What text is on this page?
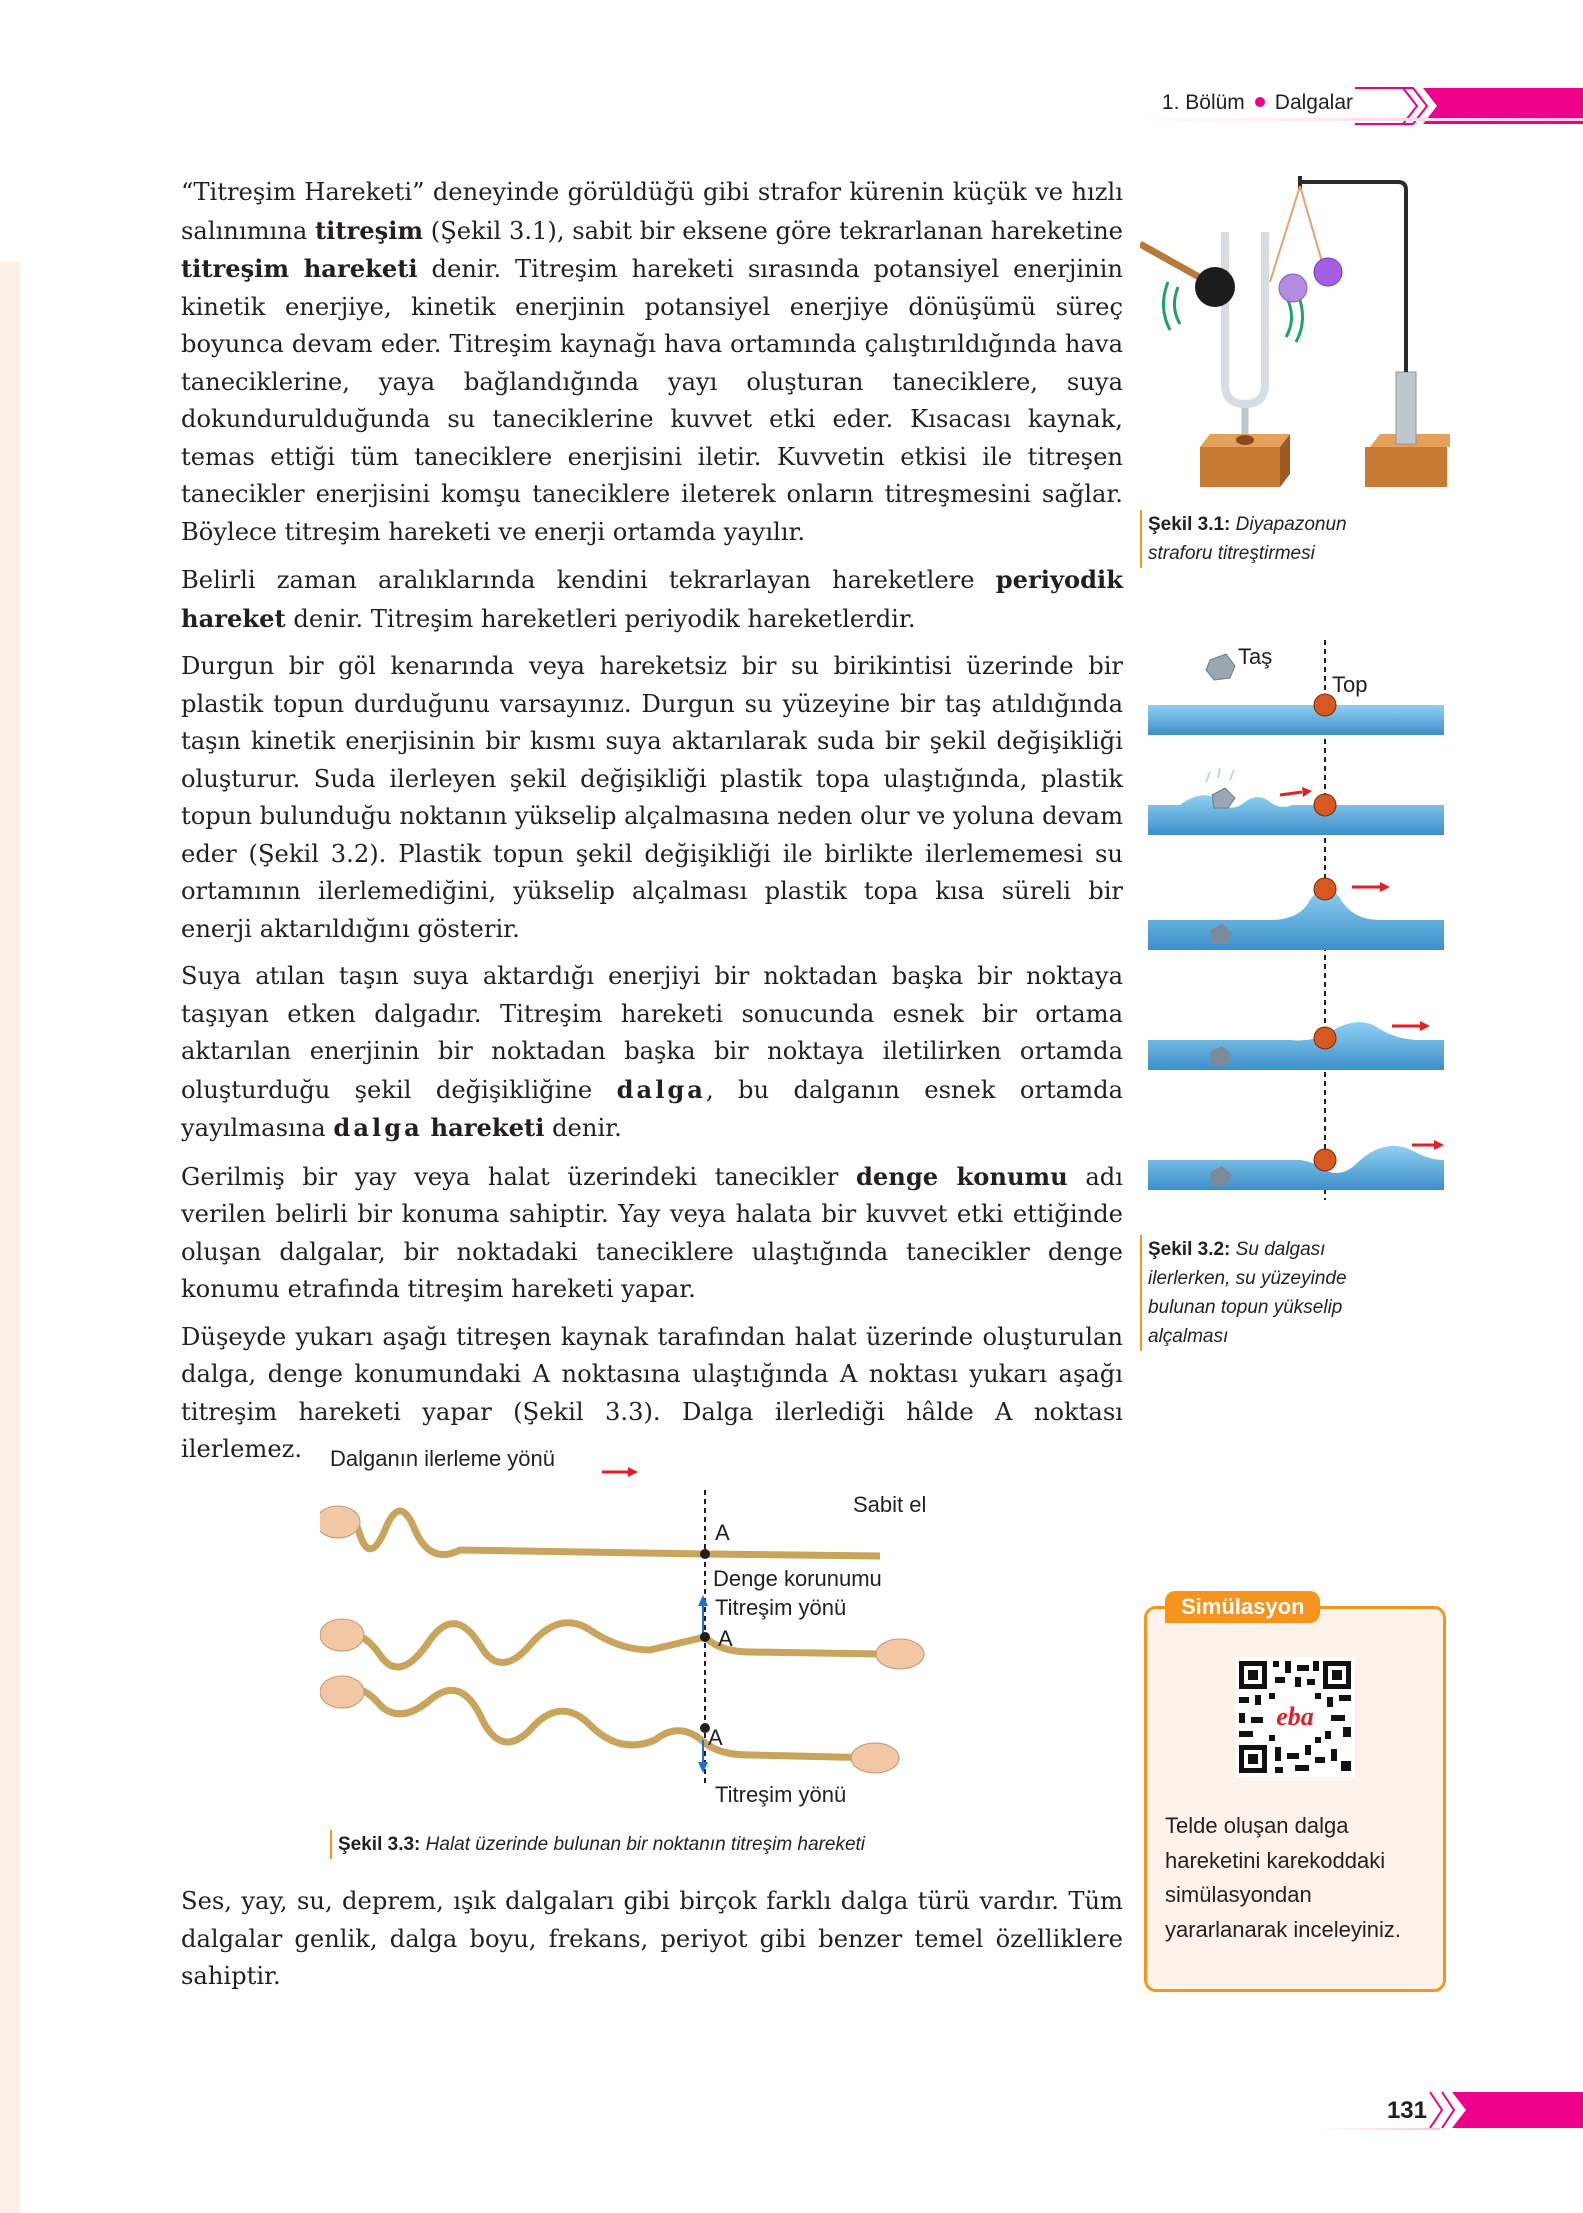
1. Bölüm Dalgalar

“Titreşim Hareketi” deneyinde görüldüğü gibi strafor kürenin küçük ve hızlı salınımına titreşim (Şekil 3.1), sabit bir eksene göre tekrarlanan hareketine titreşim hareketi denir. Titreşim hareketi sırasında potansiyel enerjinin kinetik enerjiye, kinetik enerjinin potansiyel enerjiye dönüşümü süreç boyunca devam eder. Titreşim kaynağı hava ortamında çalıştırıldığında hava taneciklerine, yaya bağlandığında yayı oluşturan taneciklere, suya dokundurulduğunda su taneciklerine kuvvet etki eder. Kısacası kaynak, temas ettiği tüm taneciklere enerjisini iletir. Kuvvetin etkisi ile titreşen tanecikler enerjisini komşu taneciklere ileterek onların titreşmesini sağlar. Böylece titreşim hareketi ve enerji ortamda yayılır.

Belirli zaman aralıklarında kendini tekrarlayan hareketlere periyodik hareket denir. Titreşim hareketleri periyodik hareketlerdir.

Durgun bir göl kenarında veya hareketsiz bir su birikintisi üzerinde bir plastik topun durduğunu varsayınız. Durgun su yüzeyine bir taş atıldığında taşın kinetik enerjisinin bir kısmı suya aktarılarak suda bir şekil değişikliği oluşturur. Suda ilerleyen şekil değişikliği plastik topa ulaştığında, plastik topun bulunduğu noktanın yükselip alçalmasına neden olur ve yoluna devam eder (Şekil 3.2). Plastik topun şekil değişikliği ile birlikte ilerlememesi su ortamının ilerlemediğini, yükselip alçalması plastik topa kısa süreli bir enerji aktarıldığını gösterir.

Suya atılan taşın suya aktardığı enerjiyi bir noktadan başka bir noktaya taşıyan etken dalgadır. Titreşim hareketi sonucunda esnek bir ortama aktarılan enerjinin bir noktadan başka bir noktaya iletilirken ortamda oluşturduğu şekil değişikliğine dalga, bu dalganın esnek ortamda yayılmasına dalga hareketi denir.

Gerilmiş bir yay veya halat üzerindeki tanecikler denge konumu adı verilen belirli bir konuma sahiptir. Yay veya halata bir kuvvet etki ettiğinde oluşan dalgalar, bir noktadaki taneciklere ulaştığında tanecikler denge konumu etrafında titreşim hareketi yapar.

Düşeyde yukarı aşağı titreşen kaynak tarafından halat üzerinde oluşturulan dalga, denge konumundaki A noktasına ulaştığında A noktası yukarı aşağı titreşim hareketi yapar (Şekil 3.3). Dalga ilerlediği hâlde A noktası ilerlemez.

Ses, yay, su, deprem, ışık dalgaları gibi birçok farklı dalga türü vardır. Tüm dalgalar genlik, dalga boyu, frekans, periyot gibi benzer temel özelliklere sahiptir.

Şekil 3.1: Diyapazonun straforu titreştirmesi
Taş
Top
Şekil 3.2: Su dalgası ilerlerken, su yüzeyinde bulunan topun yükselip alçalması
Dalganın ilerleme yönü
Sabit el
A
Denge korunumu
Titreşim yönü
A
A
Titreşim yönü
Şekil 3.3: Halat üzerinde bulunan bir noktanın titreşim hareketi
Simülasyon
eba
Telde oluşan dalga hareketini karekoddaki simülasyondan yararlanarak inceleyiniz.
131
